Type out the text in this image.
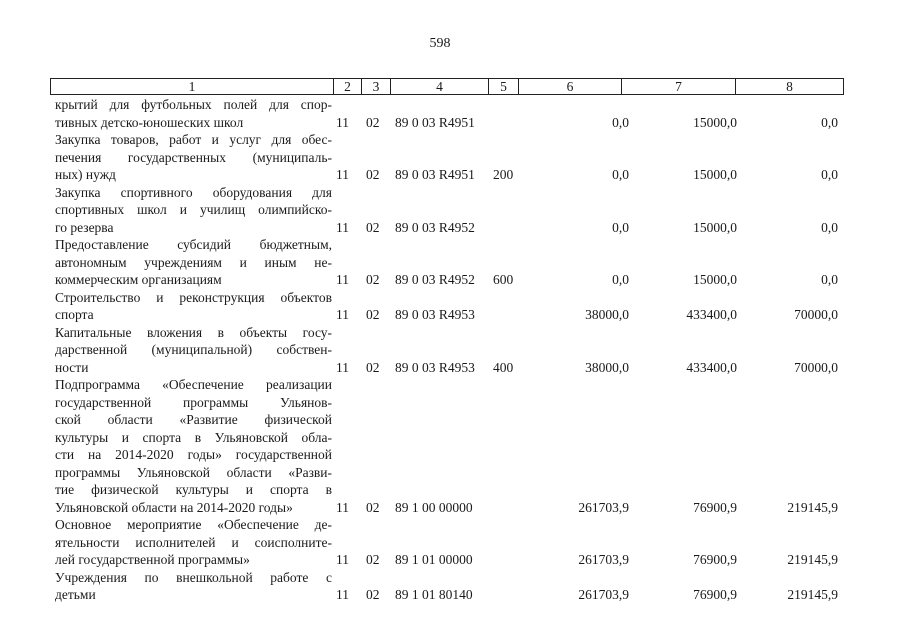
598
1	2	3	4	5	6	7	8
крытий для футбольных полей для спор-
тивных детско-юношеских школ	11 02 89 0 03 R4951	0,0	15000,0	0,0
Закупка товаров, работ и услуг для обес-
печения государственных (муниципаль-
ных) нужд	11 02 89 0 03 R4951 200	0,0	15000,0	0,0
Закупка спортивного оборудования для
спортивных школ и училищ олимпийско-
го резерва	11 02 89 0 03 R4952	0,0	15000,0	0,0
Предоставление субсидий бюджетным,
автономным учреждениям и иным не-
коммерческим организациям	11 02 89 0 03 R4952 600	0,0	15000,0	0,0
Строительство и реконструкция объектов
спорта	11 02 89 0 03 R4953	38000,0	433400,0	70000,0
Капитальные вложения в объекты госу-
дарственной (муниципальной) собствен-
ности	11 02 89 0 03 R4953 400	38000,0	433400,0	70000,0
Подпрограмма «Обеспечение реализации
государственной программы Ульянов-
ской области «Развитие физической
культуры и спорта в Ульяновской обла-
сти на 2014-2020 годы» государственной
программы Ульяновской области «Разви-
тие физической культуры и спорта в
Ульяновской области на 2014-2020 годы»	11 02 89 1 00 00000	261703,9	76900,9	219145,9
Основное мероприятие «Обеспечение де-
ятельности исполнителей и соисполните-
лей государственной программы»	11 02 89 1 01 00000	261703,9	76900,9	219145,9
Учреждения по внешкольной работе с
детьми	11 02 89 1 01 80140	261703,9	76900,9	219145,9
